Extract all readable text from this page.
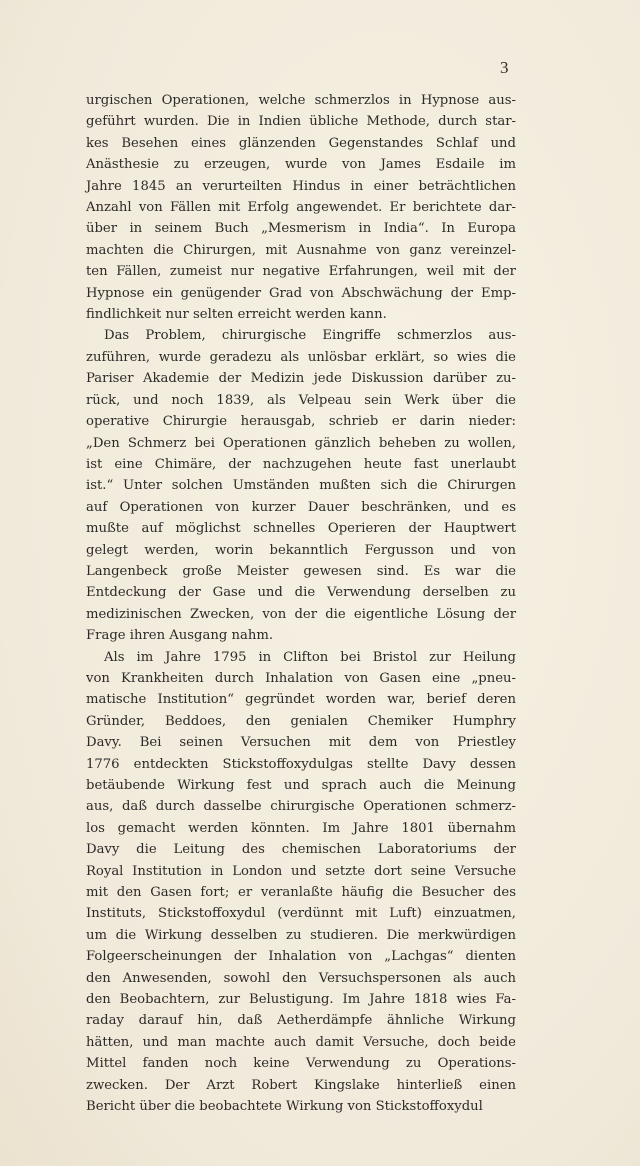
3
urgischen Operationen, welche schmerzlos in Hypnose aus-
geführt wurden. Die in Indien übliche Methode, durch star-
kes Besehen eines glänzenden Gegenstandes Schlaf und
Anästhesie zu erzeugen, wurde von James Esdaile im
Jahre 1845 an verurteilten Hindus in einer beträchtlichen
Anzahl von Fällen mit Erfolg angewendet. Er berichtete dar-
über in seinem Buch „Mesmerism in India“. In Europa
machten die Chirurgen, mit Ausnahme von ganz vereinzel-
ten Fällen, zumeist nur negative Erfahrungen, weil mit der
Hypnose ein genügender Grad von Abschwächung der Emp-
findlichkeit nur selten erreicht werden kann.
Das Problem, chirurgische Eingriffe schmerzlos aus-
zuführen, wurde geradezu als unlösbar erklärt, so wies die
Pariser Akademie der Medizin jede Diskussion darüber zu-
rück, und noch 1839, als Velpeau sein Werk über die
operative Chirurgie herausgab, schrieb er darin nieder:
„Den Schmerz bei Operationen gänzlich beheben zu wollen,
ist eine Chimäre, der nachzugehen heute fast unerlaubt
ist.“ Unter solchen Umständen mußten sich die Chirurgen
auf Operationen von kurzer Dauer beschränken, und es
mußte auf möglichst schnelles Operieren der Hauptwert
gelegt werden, worin bekanntlich Fergusson und von
Langenbeck große Meister gewesen sind. Es war die
Entdeckung der Gase und die Verwendung derselben zu
medizinischen Zwecken, von der die eigentliche Lösung der
Frage ihren Ausgang nahm.
Als im Jahre 1795 in Clifton bei Bristol zur Heilung
von Krankheiten durch Inhalation von Gasen eine „pneu-
matische Institution“ gegründet worden war, berief deren
Gründer, Beddoes, den genialen Chemiker Humphry
Davy. Bei seinen Versuchen mit dem von Priestley
1776 entdeckten Stickstoffoxydulgas stellte Davy dessen
betäubende Wirkung fest und sprach auch die Meinung
aus, daß durch dasselbe chirurgische Operationen schmerz-
los gemacht werden könnten. Im Jahre 1801 übernahm
Davy die Leitung des chemischen Laboratoriums der
Royal Institution in London und setzte dort seine Versuche
mit den Gasen fort; er veranlaßte häufig die Besucher des
Instituts, Stickstoffoxydul (verdünnt mit Luft) einzuatmen,
um die Wirkung desselben zu studieren. Die merkwürdigen
Folgeerscheinungen der Inhalation von „Lachgas“ dienten
den Anwesenden, sowohl den Versuchspersonen als auch
den Beobachtern, zur Belustigung. Im Jahre 1818 wies Fa-
raday darauf hin, daß Aetherdämpfe ähnliche Wirkung
hätten, und man machte auch damit Versuche, doch beide
Mittel fanden noch keine Verwendung zu Operations-
zwecken. Der Arzt Robert Kingslake hinterließ einen
Bericht über die beobachtete Wirkung von Stickstoffoxydul
